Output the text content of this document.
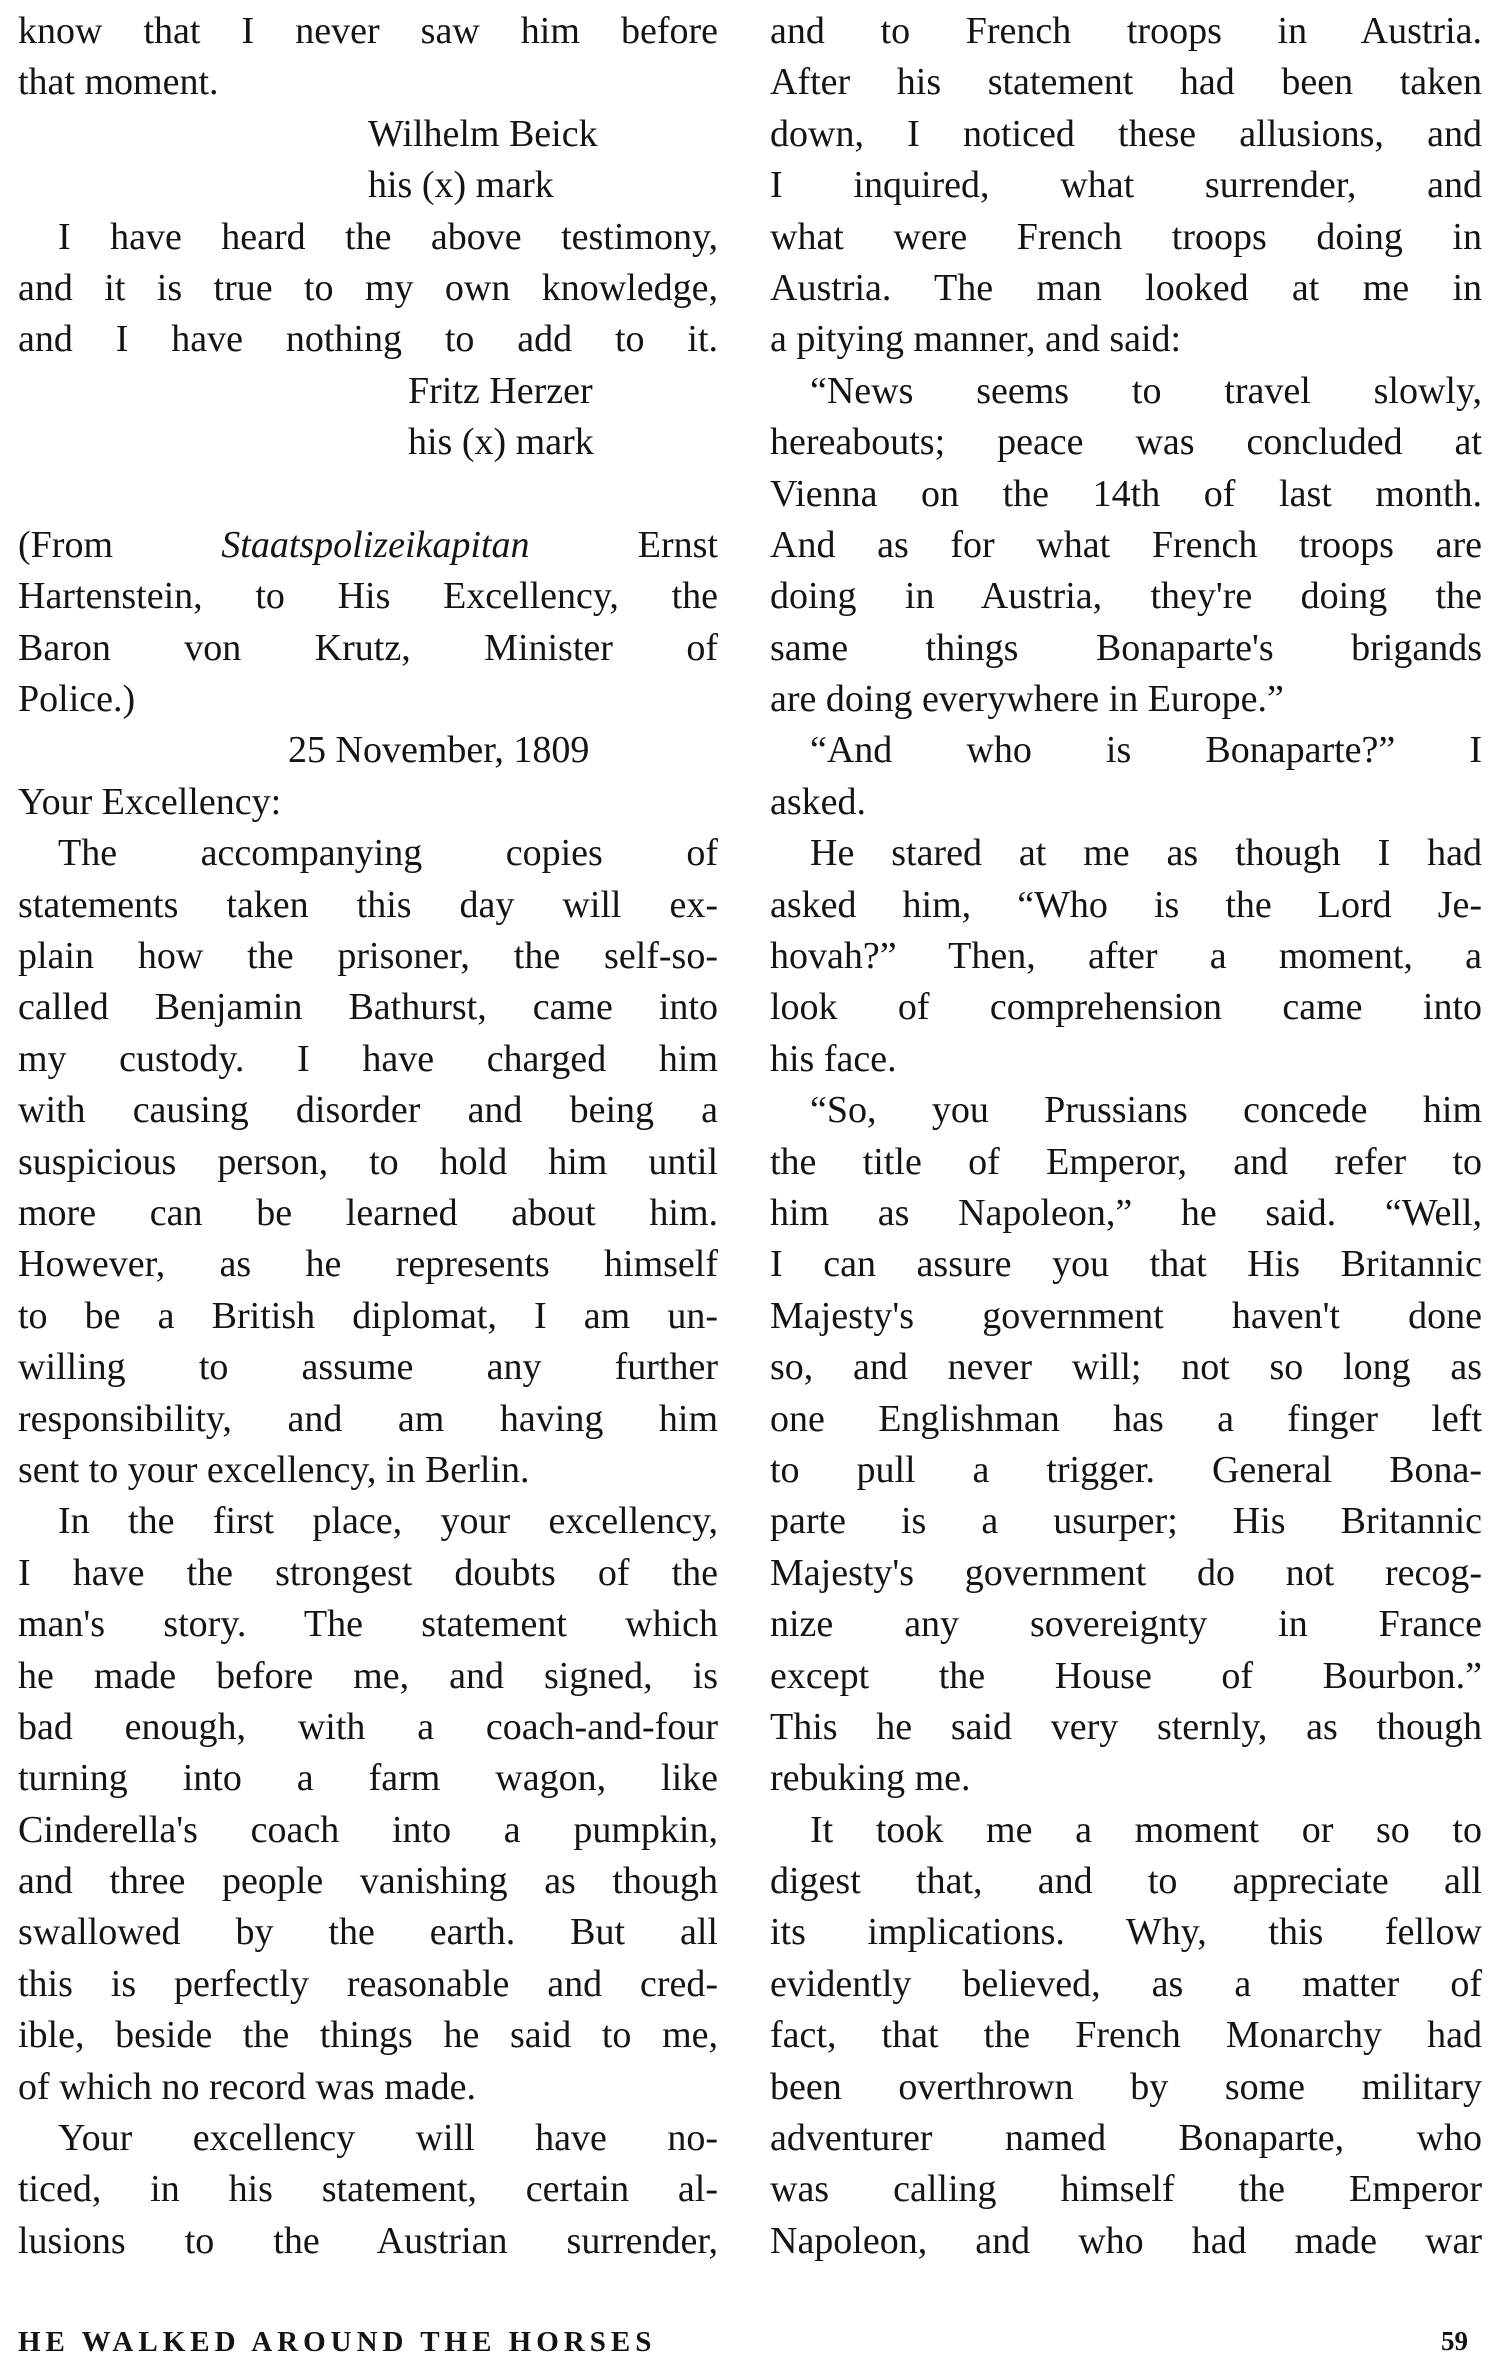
know that I never saw him before
that moment.
Wilhelm Beick
his (x) mark
I have heard the above testimony,
and it is true to my own knowledge,
and I have nothing to add to it.
Fritz Herzer
his (x) mark
(From Staatspolizeikapitan Ernst
Hartenstein, to His Excellency, the
Baron von Krutz, Minister of
Police.)
25 November, 1809
Your Excellency:
The accompanying copies of
statements taken this day will ex-
plain how the prisoner, the self-so-
called Benjamin Bathurst, came into
my custody. I have charged him
with causing disorder and being a
suspicious person, to hold him until
more can be learned about him.
However, as he represents himself
to be a British diplomat, I am un-
willing to assume any further
responsibility, and am having him
sent to your excellency, in Berlin.
In the first place, your excellency,
I have the strongest doubts of the
man's story. The statement which
he made before me, and signed, is
bad enough, with a coach-and-four
turning into a farm wagon, like
Cinderella's coach into a pumpkin,
and three people vanishing as though
swallowed by the earth. But all
this is perfectly reasonable and cred-
ible, beside the things he said to me,
of which no record was made.
Your excellency will have no-
ticed, in his statement, certain al-
lusions to the Austrian surrender,
and to French troops in Austria.
After his statement had been taken
down, I noticed these allusions, and
I inquired, what surrender, and
what were French troops doing in
Austria. The man looked at me in
a pitying manner, and said:
“News seems to travel slowly,
hereabouts; peace was concluded at
Vienna on the 14th of last month.
And as for what French troops are
doing in Austria, they're doing the
same things Bonaparte's brigands
are doing everywhere in Europe.”
“And who is Bonaparte?” I
asked.
He stared at me as though I had
asked him, “Who is the Lord Je-
hovah?” Then, after a moment, a
look of comprehension came into
his face.
“So, you Prussians concede him
the title of Emperor, and refer to
him as Napoleon,” he said. “Well,
I can assure you that His Britannic
Majesty's government haven't done
so, and never will; not so long as
one Englishman has a finger left
to pull a trigger. General Bona-
parte is a usurper; His Britannic
Majesty's government do not recog-
nize any sovereignty in France
except the House of Bourbon.”
This he said very sternly, as though
rebuking me.
It took me a moment or so to
digest that, and to appreciate all
its implications. Why, this fellow
evidently believed, as a matter of
fact, that the French Monarchy had
been overthrown by some military
adventurer named Bonaparte, who
was calling himself the Emperor
Napoleon, and who had made war
HE WALKED AROUND THE HORSES	59
